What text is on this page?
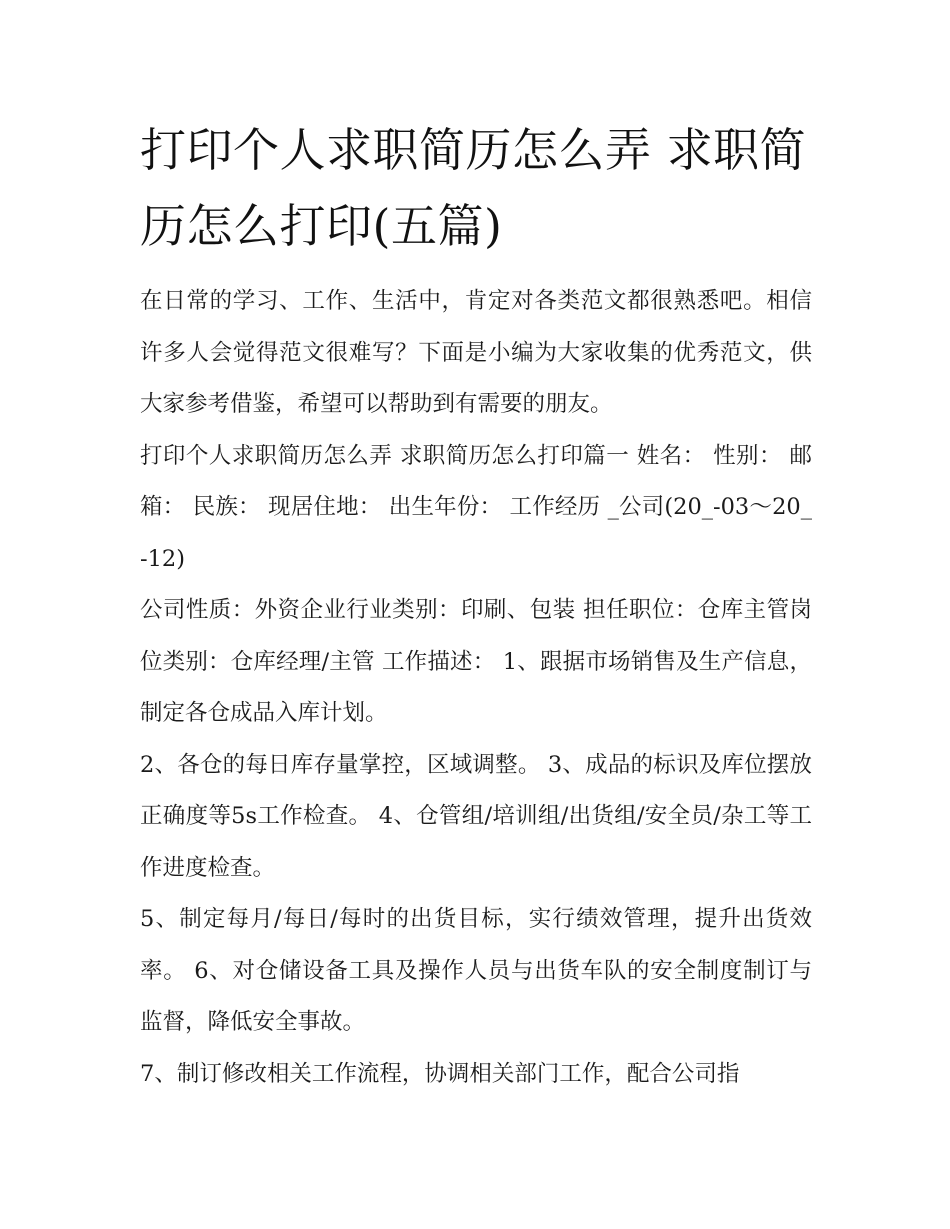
打印个人求职简历怎么弄 求职简历怎么打印(五篇)

在日常的学习、工作、生活中，肯定对各类范文都很熟悉吧。相信许多人会觉得范文很难写？下面是小编为大家收集的优秀范文，供大家参考借鉴，希望可以帮助到有需要的朋友。

打印个人求职简历怎么弄 求职简历怎么打印篇一 姓名： 性别： 邮箱： 民族： 现居住地： 出生年份： 工作经历 _公司(20_-03～20_-12)

公司性质：外资企业行业类别：印刷、包装 担任职位：仓库主管岗位类别：仓库经理/主管 工作描述： 1、跟据市场销售及生产信息，制定各仓成品入库计划。

2、各仓的每日库存量掌控，区域调整。 3、成品的标识及库位摆放正确度等5s工作检查。 4、仓管组/培训组/出货组/安全员/杂工等工作进度检查。

5、制定每月/每日/每时的出货目标，实行绩效管理，提升出货效率。 6、对仓储设备工具及操作人员与出货车队的安全制度制订与监督，降低安全事故。

7、制订修改相关工作流程，协调相关部门工作，配合公司指
